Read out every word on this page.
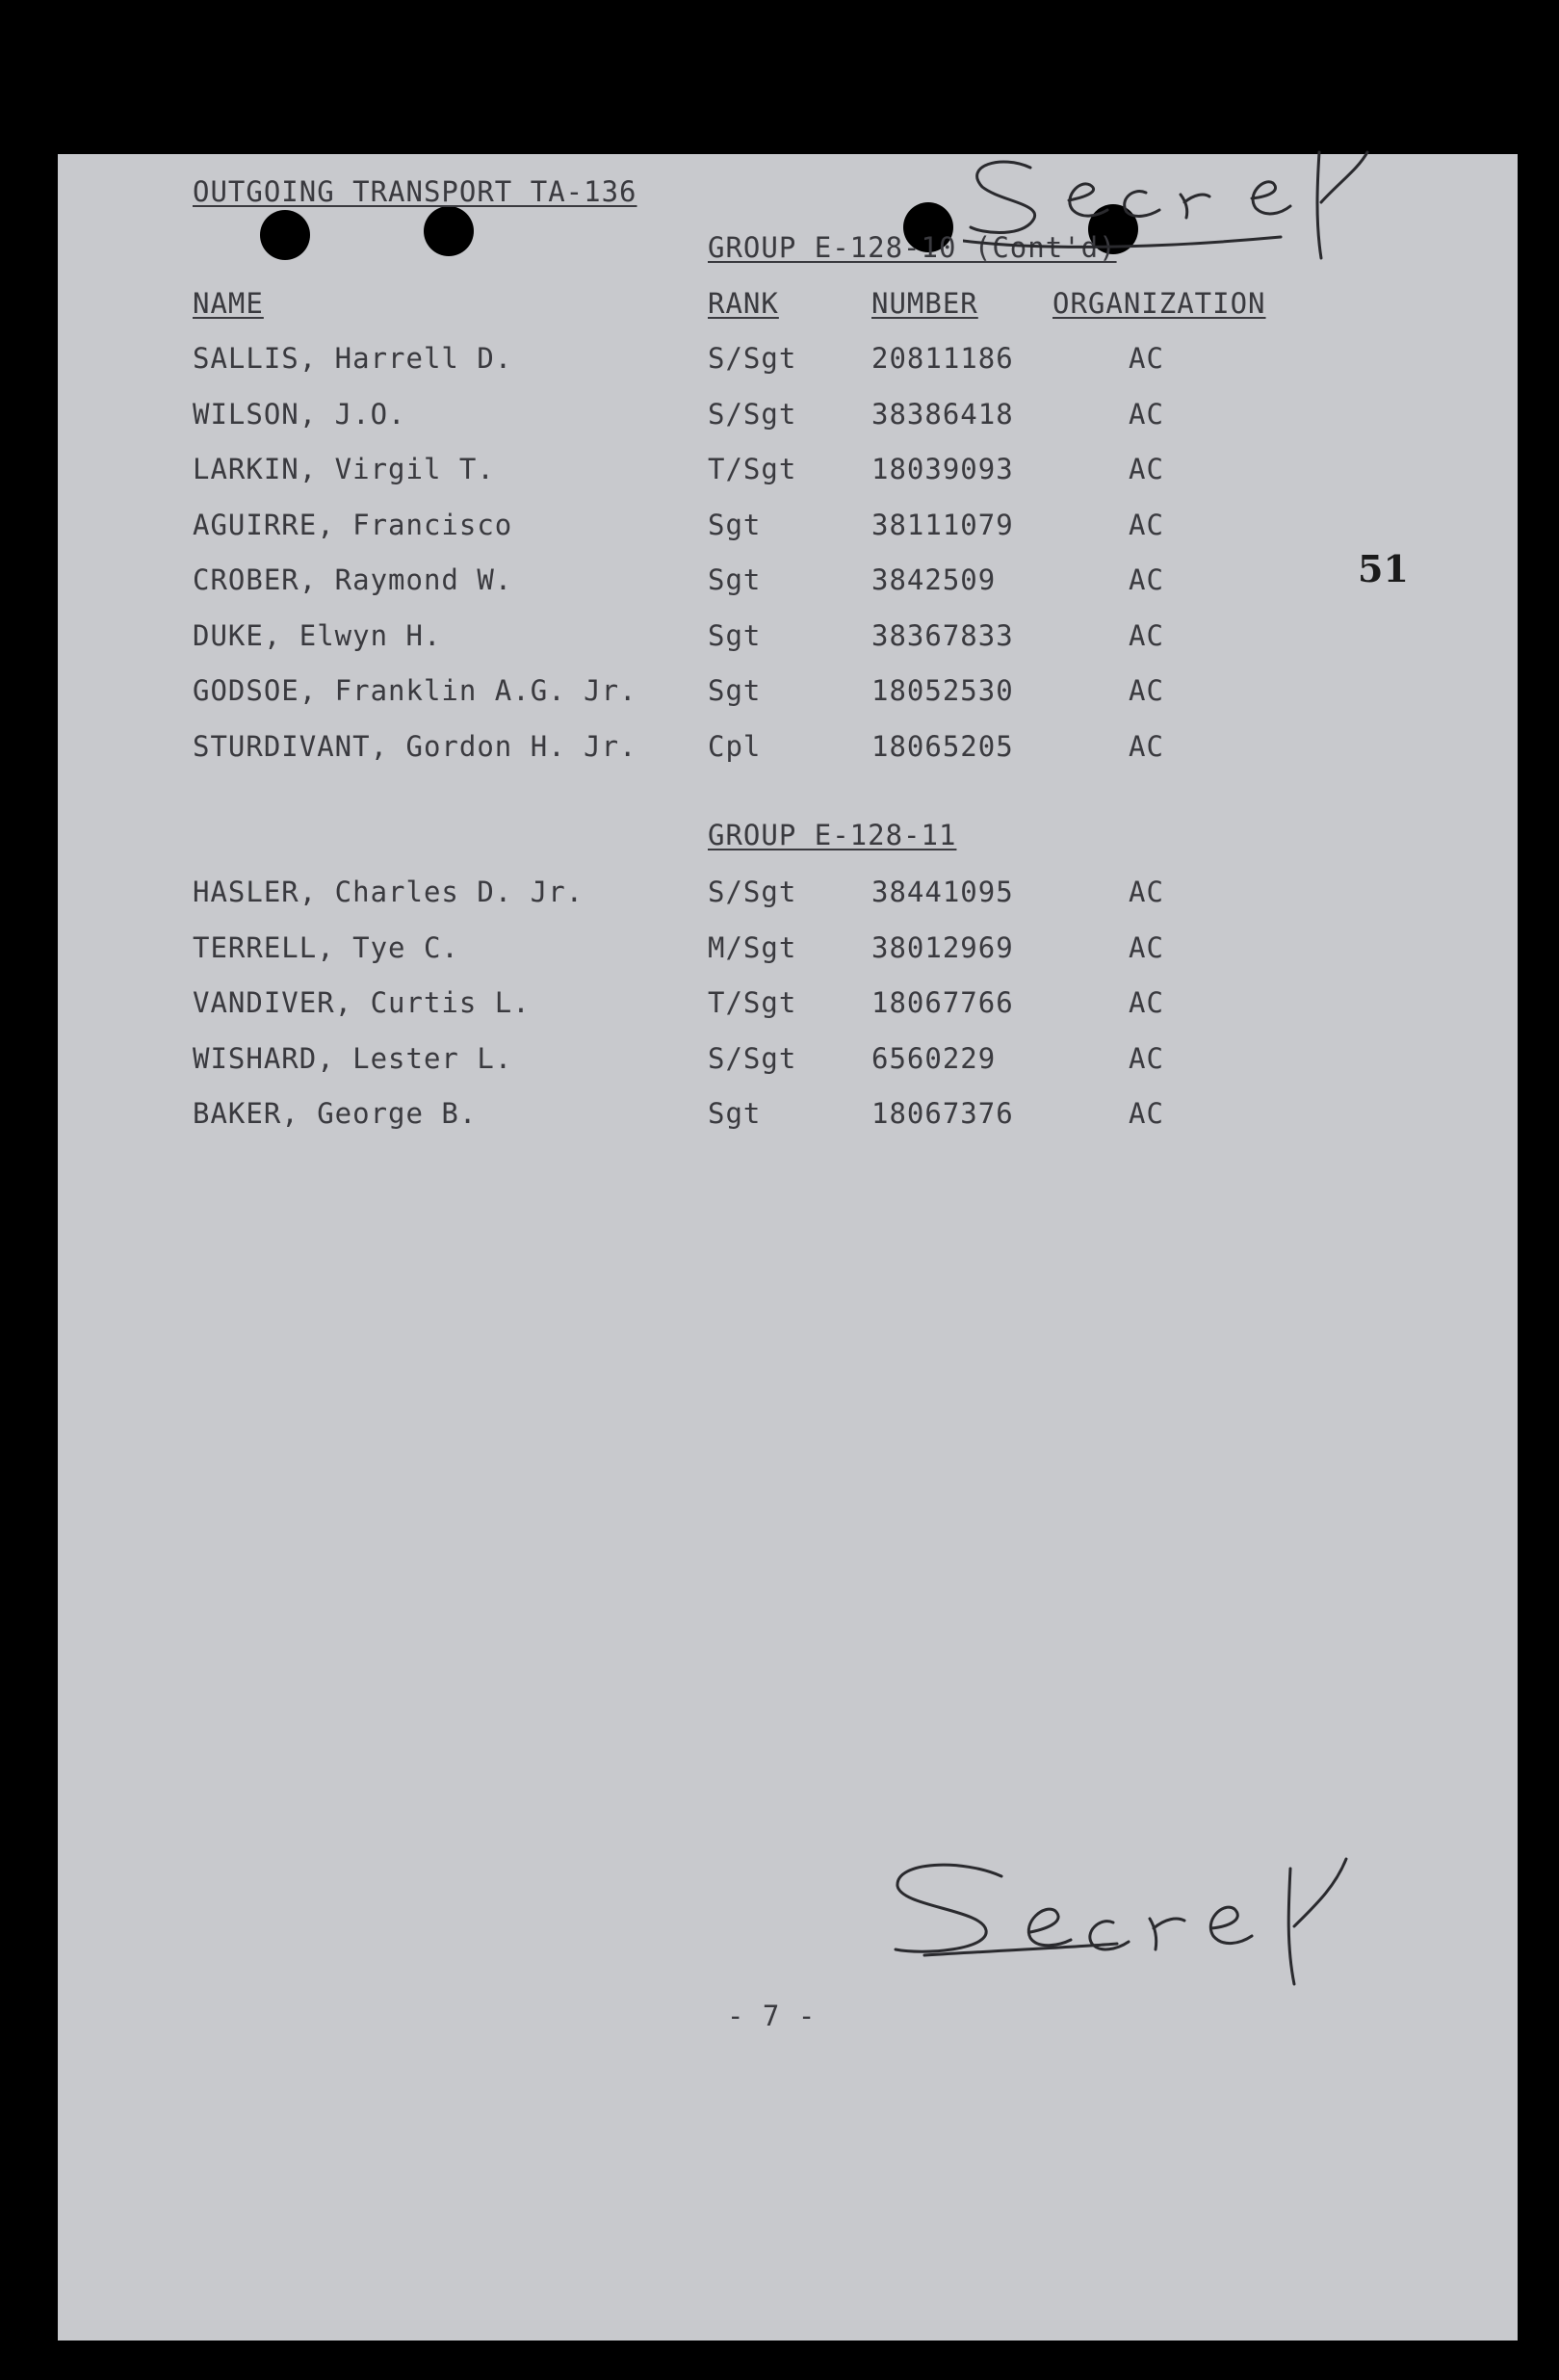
OUTGOING TRANSPORT TA-136
GROUP E-128-10 (Cont'd)
NAME	RANK	NUMBER	ORGANIZATION
SALLIS, Harrell D.	S/Sgt	20811186	AC
WILSON, J.O.	S/Sgt	38386418	AC
LARKIN, Virgil T.	T/Sgt	18039093	AC
AGUIRRE, Francisco	Sgt	38111079	AC
CROBER, Raymond W.	Sgt	3842509	AC
DUKE, Elwyn H.	Sgt	38367833	AC
GODSOE, Franklin A.G. Jr.	Sgt	18052530	AC
STURDIVANT, Gordon H. Jr.	Cpl	18065205	AC
GROUP E-128-11
HASLER, Charles D. Jr.	S/Sgt	38441095	AC
TERRELL, Tye C.	M/Sgt	38012969	AC
VANDIVER, Curtis L.	T/Sgt	18067766	AC
WISHARD, Lester L.	S/Sgt	6560229	AC
BAKER, George B.	Sgt	18067376	AC
51
- 7 -
